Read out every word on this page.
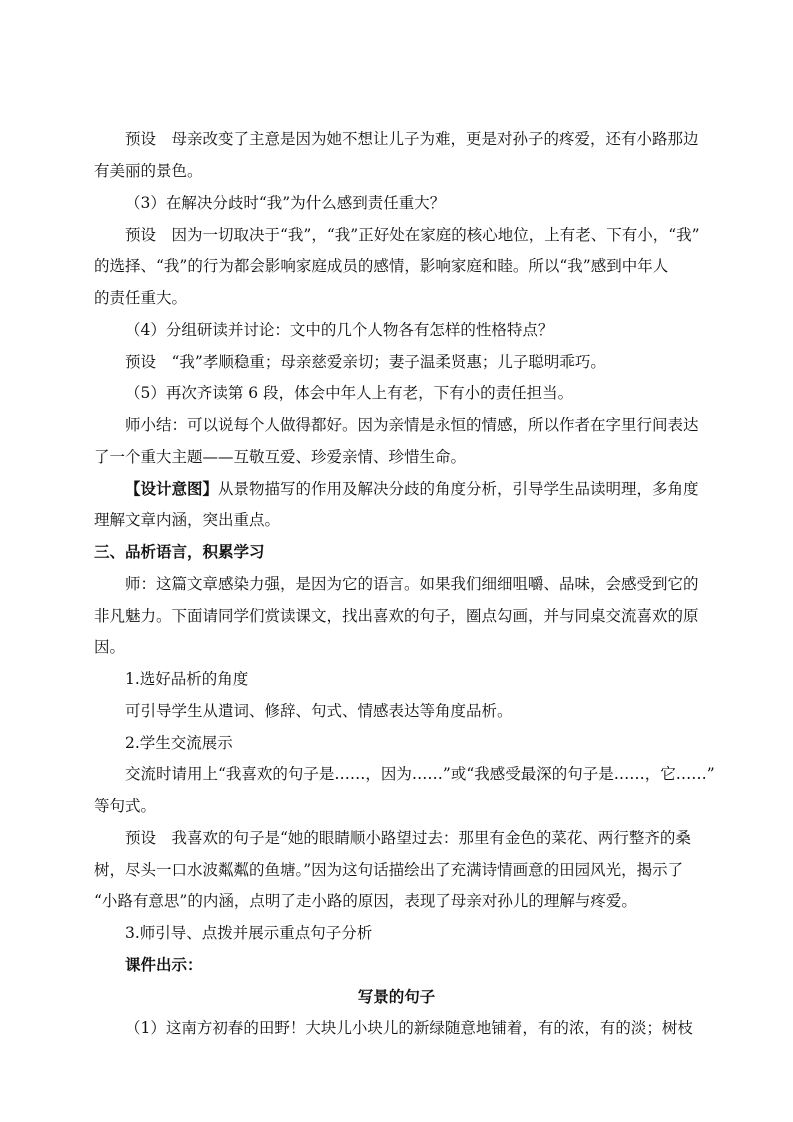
预设　母亲改变了主意是因为她不想让儿子为难，更是对孙子的疼爱，还有小路那边
有美丽的景色。
（3）在解决分歧时“我”为什么感到责任重大？
预设　因为一切取决于“我”，“我”正好处在家庭的核心地位，上有老、下有小，“我”
的选择、“我”的行为都会影响家庭成员的感情，影响家庭和睦。所以“我”感到中年人
的责任重大。
（4）分组研读并讨论：文中的几个人物各有怎样的性格特点？
预设　“我”孝顺稳重；母亲慈爱亲切；妻子温柔贤惠；儿子聪明乖巧。
（5）再次齐读第 6 段，体会中年人上有老，下有小的责任担当。
师小结：可以说每个人做得都好。因为亲情是永恒的情感，所以作者在字里行间表达
了一个重大主题——互敬互爱、珍爱亲情、珍惜生命。
【设计意图】从景物描写的作用及解决分歧的角度分析，引导学生品读明理，多角度
理解文章内涵，突出重点。
三、品析语言，积累学习
师：这篇文章感染力强，是因为它的语言。如果我们细细咀嚼、品味，会感受到它的
非凡魅力。下面请同学们赏读课文，找出喜欢的句子，圈点勾画，并与同桌交流喜欢的原
因。
1.选好品析的角度
可引导学生从遣词、修辞、句式、情感表达等角度品析。
2.学生交流展示
交流时请用上“我喜欢的句子是……，因为……”或“我感受最深的句子是……，它……”
等句式。
预设　我喜欢的句子是“她的眼睛顺小路望过去：那里有金色的菜花、两行整齐的桑
树，尽头一口水波粼粼的鱼塘。”因为这句话描绘出了充满诗情画意的田园风光，揭示了
“小路有意思”的内涵，点明了走小路的原因，表现了母亲对孙儿的理解与疼爱。
3.师引导、点拨并展示重点句子分析
课件出示：
写景的句子
（1）这南方初春的田野！大块儿小块儿的新绿随意地铺着，有的浓，有的淡；树枝
